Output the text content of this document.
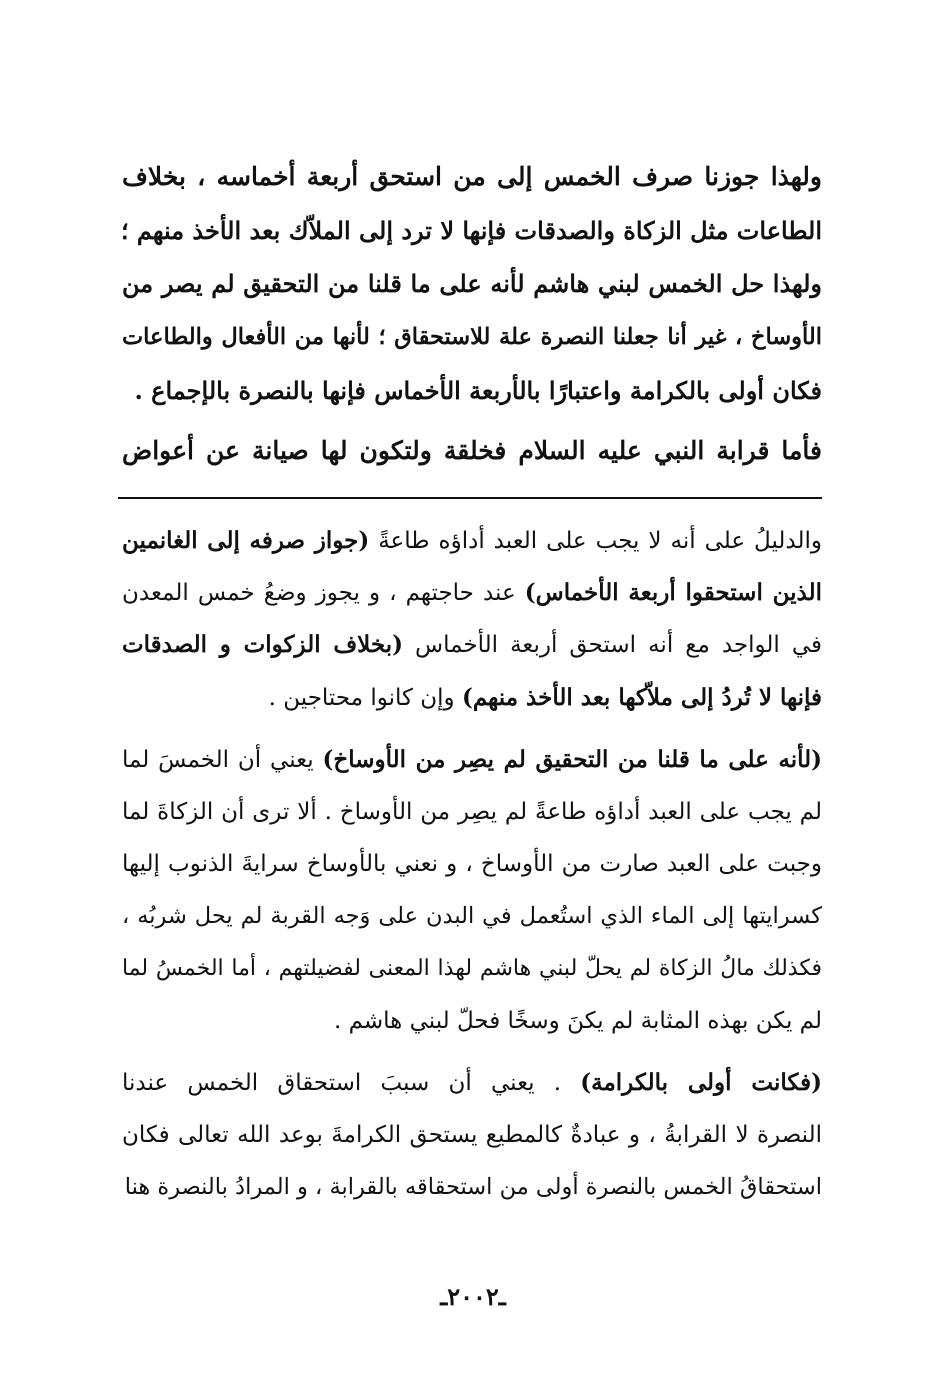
ولهذا جوزنا صرف الخمس إلى من استحق أربعة أخماسه ، بخلاف
الطاعات مثل الزكاة والصدقات فإنها لا ترد إلى الملاّك بعد الأخذ منهم ؛
ولهذا حل الخمس لبني هاشم لأنه على ما قلنا من التحقيق لم يصر من
الأوساخ ، غير أنا جعلنا النصرة علة للاستحقاق ؛ لأنها من الأفعال والطاعات
فكان أولى بالكرامة واعتبارًا بالأربعة الأخماس فإنها بالنصرة بالإجماع .
فأما قرابة النبي عليه السلام فخلقة ولتكون لها صيانة عن أعواض
والدليلُ على أنه لا يجب على العبد أداؤه طاعةً (جواز صرفه إلى الغانمين
الذين استحقوا أربعة الأخماس) عند حاجتهم ، و يجوز وضعُ خمس المعدن
في الواجد مع أنه استحق أربعة الأخماس (بخلاف الزكوات و الصدقات
فإنها لا تُردُ إلى ملاّكها بعد الأخذ منهم) وإن كانوا محتاجين .
(لأنه على ما قلنا من التحقيق لم يصِر من الأوساخ) يعني أن الخمسَ لما
لم يجب على العبد أداؤه طاعةً لم يصِر من الأوساخ . ألا ترى أن الزكاةَ لما
وجبت على العبد صارت من الأوساخ ، و نعني بالأوساخ سرايةَ الذنوب إليها
كسرايتها إلى الماء الذي استُعمل في البدن على وَجه القربة لم يحل شربُه ،
فكذلك مالُ الزكاة لم يحلّ لبني هاشم لهذا المعنى لفضيلتهم ، أما الخمسُ لما
لم يكن بهذه المثابة لم يكنَ وسخًا فحلّ لبني هاشم .
(فكانت أولى بالكرامة) . يعني أن سببَ استحقاق الخمس عندنا
النصرة لا القرابةُ ، و عبادةٌ كالمطيع يستحق الكرامةَ بوعد الله تعالى فكان
استحقاقُ الخمس بالنصرة أولى من استحقاقه بالقرابة ، و المرادُ بالنصرة هنا
ـ٢٠٠٢ـ
